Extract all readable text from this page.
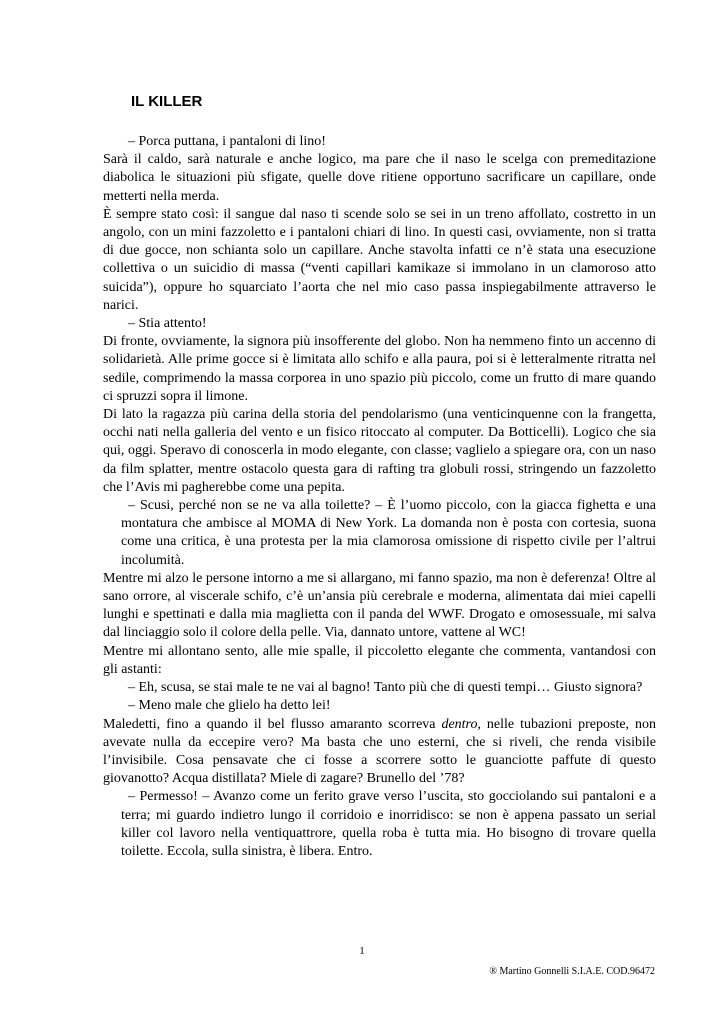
IL KILLER

– Porca puttana, i pantaloni di lino!

Sarà il caldo, sarà naturale e anche logico, ma pare che il naso le scelga con premeditazione diabolica le situazioni più sfigate, quelle dove ritiene opportuno sacrificare un capillare, onde metterti nella merda.

È sempre stato così: il sangue dal naso ti scende solo se sei in un treno affollato, costretto in un angolo, con un mini fazzoletto e i pantaloni chiari di lino. In questi casi, ovviamente, non si tratta di due gocce, non schianta solo un capillare. Anche stavolta infatti ce n’è stata una esecuzione collettiva o un suicidio di massa (“venti capillari kamikaze si immolano in un clamoroso atto suicida”), oppure ho squarciato l’aorta che nel mio caso passa inspiegabilmente attraverso le narici.

– Stia attento!

Di fronte, ovviamente, la signora più insofferente del globo. Non ha nemmeno finto un accenno di solidarietà. Alle prime gocce si è limitata allo schifo e alla paura, poi si è letteralmente ritratta nel sedile, comprimendo la massa corporea in uno spazio più piccolo, come un frutto di mare quando ci spruzzi sopra il limone.

Di lato la ragazza più carina della storia del pendolarismo (una venticinquenne con la frangetta, occhi nati nella galleria del vento e un fisico ritoccato al computer. Da Botticelli). Logico che sia qui, oggi. Speravo di conoscerla in modo elegante, con classe; vaglielo a spiegare ora, con un naso da film splatter, mentre ostacolo questa gara di rafting tra globuli rossi, stringendo un fazzoletto che l’Avis mi pagherebbe come una pepita.

– Scusi, perché non se ne va alla toilette? – È l’uomo piccolo, con la giacca fighetta e una montatura che ambisce al MOMA di New York. La domanda non è posta con cortesia, suona come una critica, è una protesta per la mia clamorosa omissione di rispetto civile per l’altrui incolumità.

Mentre mi alzo le persone intorno a me si allargano, mi fanno spazio, ma non è deferenza! Oltre al sano orrore, al viscerale schifo, c’è un’ansia più cerebrale e moderna, alimentata dai miei capelli lunghi e spettinati e dalla mia maglietta con il panda del WWF. Drogato e omosessuale, mi salva dal linciaggio solo il colore della pelle. Via, dannato untore, vattene al WC!

Mentre mi allontano sento, alle mie spalle, il piccoletto elegante che commenta, vantandosi con gli astanti:

– Eh, scusa, se stai male te ne vai al bagno! Tanto più che di questi tempi… Giusto signora?

– Meno male che glielo ha detto lei!

Maledetti, fino a quando il bel flusso amaranto scorreva dentro, nelle tubazioni preposte, non avevate nulla da eccepire vero? Ma basta che uno esterni, che si riveli, che renda visibile l’invisibile. Cosa pensavate che ci fosse a scorrere sotto le guanciotte paffute di questo giovanotto? Acqua distillata? Miele di zagare? Brunello del ’78?

– Permesso! – Avanzo come un ferito grave verso l’uscita, sto gocciolando sui pantaloni e a terra; mi guardo indietro lungo il corridoio e inorridisco: se non è appena passato un serial killer col lavoro nella ventiquattrore, quella roba è tutta mia. Ho bisogno di trovare quella toilette. Eccola, sulla sinistra, è libera. Entro.

1
® Martino Gonnelli S.I.A.E. COD.96472
